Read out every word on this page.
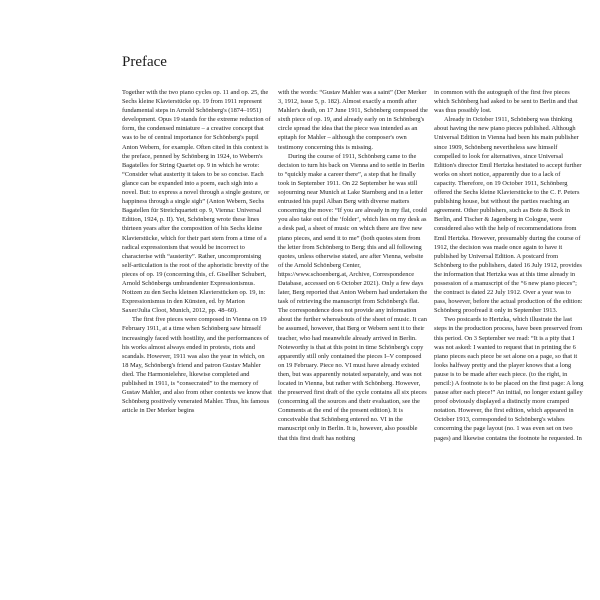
Preface

Together with the two piano cycles op. 11 and op. 25, the Sechs kleine Klavierstücke op. 19 from 1911 represent fundamental steps in Arnold Schönberg's (1874–1951) development. Opus 19 stands for the extreme reduction of form, the condensed miniature – a creative concept that was to be of central importance for Schönberg's pupil Anton Webern, for example. Often cited in this context is the preface, penned by Schönberg in 1924, to Webern's Bagatelles for String Quartet op. 9 in which he wrote: “Consider what austerity it takes to be so concise. Each glance can be expanded into a poem, each sigh into a novel. But: to express a novel through a single gesture, or happiness through a single sigh” (Anton Webern, Sechs Bagatellen für Streichquartett op. 9, Vienna: Universal Edition, 1924, p. II). Yet, Schönberg wrote these lines thirteen years after the composition of his Sechs kleine Klavierstücke, which for their part stem from a time of a radical expressionism that would be incorrect to characterise with “austerity”. Rather, uncompromising self-articulation is the root of the aphoristic brevity of the pieces of op. 19 (concerning this, cf. Gisellher Schubert, Arnold Schönbergs umbrandenter Expressionismus. Notizen zu den Sechs kleinen Klavierstücken op. 19, in: Expressionismus in den Künsten, ed. by Marion Saxer/Julia Cloot, Munich, 2012, pp. 48–60).

The first five pieces were composed in Vienna on 19 February 1911, at a time when Schönberg saw himself increasingly faced with hostility, and the performances of his works almost always ended in protests, riots and scandals. However, 1911 was also the year in which, on 18 May, Schönberg's friend and patron Gustav Mahler died. The Harmonielehre, likewise completed and published in 1911, is “consecrated” to the memory of Gustav Mahler, and also from other contexts we know that Schönberg positively venerated Mahler. Thus, his famous article in Der Merker begins

with the words: “Gustav Mahler was a saint” (Der Merker 3, 1912, issue 5, p. 182). Almost exactly a month after Mahler's death, on 17 June 1911, Schönberg composed the sixth piece of op. 19, and already early on in Schönberg's circle spread the idea that the piece was intended as an epitaph for Mahler – although the composer's own testimony concerning this is missing.

During the course of 1911, Schönberg came to the decision to turn his back on Vienna and to settle in Berlin to “quickly make a career there”, a step that he finally took in September 1911. On 22 September he was still sojourning near Munich at Lake Starnberg and in a letter entrusted his pupil Alban Berg with diverse matters concerning the move: “If you are already in my flat, could you also take out of the ‘folder’, which lies on my desk as a desk pad, a sheet of music on which there are five new piano pieces, and send it to me” (both quotes stem from the letter from Schönberg to Berg; this and all following quotes, unless otherwise stated, are after Vienna, website of the Arnold Schönberg Center, https://www.schoenberg.at, Archive, Correspondence Database, accessed on 6 October 2021). Only a few days later, Berg reported that Anton Webern had undertaken the task of retrieving the manuscript from Schönberg's flat. The correspondence does not provide any information about the further whereabouts of the sheet of music. It can be assumed, however, that Berg or Webern sent it to their teacher, who had meanwhile already arrived in Berlin. Noteworthy is that at this point in time Schönberg's copy apparently still only contained the pieces I–V composed on 19 February. Piece no. VI must have already existed then, but was apparently notated separately, and was not located in Vienna, but rather with Schönberg. However, the preserved first draft of the cycle contains all six pieces (concerning all the sources and their evaluation, see the Comments at the end of the present edition). It is conceivable that Schönberg entered no. VI in the manuscript only in Berlin. It is, however, also possible that this first draft has nothing

in common with the autograph of the first five pieces which Schönberg had asked to be sent to Berlin and that was thus possibly lost.

Already in October 1911, Schönberg was thinking about having the new piano pieces published. Although Universal Edition in Vienna had been his main publisher since 1909, Schönberg nevertheless saw himself compelled to look for alternatives, since Universal Edition's director Emil Hertzka hesitated to accept further works on short notice, apparently due to a lack of capacity. Therefore, on 19 October 1911, Schönberg offered the Sechs kleine Klavierstücke to the C. F. Peters publishing house, but without the parties reaching an agreement. Other publishers, such as Bote & Bock in Berlin, and Tischer & Jagenberg in Cologne, were considered also with the help of recommendations from Emil Hertzka. However, presumably during the course of 1912, the decision was made once again to have it published by Universal Edition. A postcard from Schönberg to the publishers, dated 16 July 1912, provides the information that Hertzka was at this time already in possession of a manuscript of the “6 new piano pieces”; the contract is dated 22 July 1912. Over a year was to pass, however, before the actual production of the edition: Schönberg proofread it only in September 1913.

Two postcards to Hertzka, which illustrate the last steps in the production process, have been preserved from this period. On 3 September we read: “It is a pity that I was not asked: I wanted to request that in printing the 6 piano pieces each piece be set alone on a page, so that it looks halfway pretty and the player knows that a long pause is to be made after each piece. (to the right, in pencil:) A footnote is to be placed on the first page: A long pause after each piece!” An initial, no longer extant galley proof obviously displayed a distinctly more cramped notation. However, the first edition, which appeared in October 1913, corresponded to Schönberg's wishes concerning the page layout (no. 1 was even set on two pages) and likewise contains the footnote he requested. In
